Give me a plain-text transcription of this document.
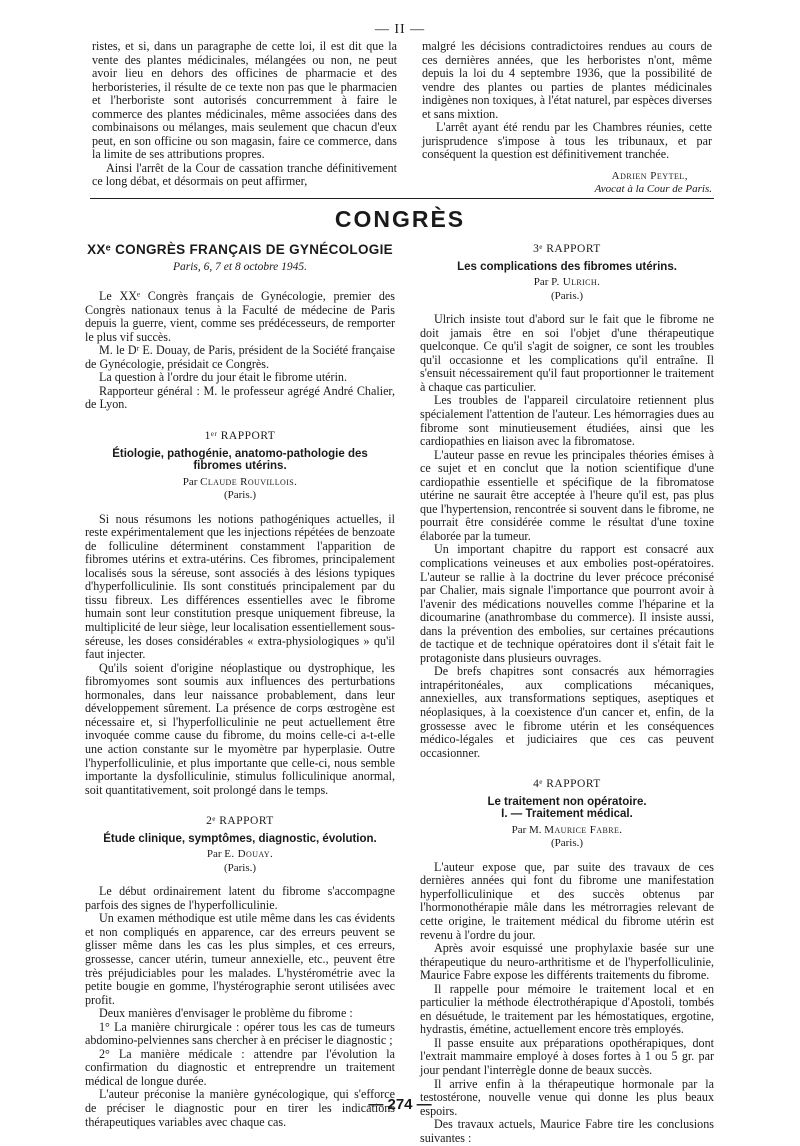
— II —

ristes, et si, dans un paragraphe de cette loi, il est dit que la vente des plantes médicinales, mélangées ou non, ne peut avoir lieu en dehors des officines de pharmacie et des herboristeries, il résulte de ce texte non pas que le pharmacien et l'herboriste sont autorisés concurremment à faire le commerce des plantes médicinales, même associées dans des combinaisons ou mélanges, mais seulement que chacun d'eux peut, en son officine ou son magasin, faire ce commerce, dans la limite de ses attributions propres.

Ainsi l'arrêt de la Cour de cassation tranche définitivement ce long débat, et désormais on peut affirmer,

malgré les décisions contradictoires rendues au cours de ces dernières années, que les herboristes n'ont, même depuis la loi du 4 septembre 1936, que la possibilité de vendre des plantes ou parties de plantes médicinales indigènes non toxiques, à l'état naturel, par espèces diverses et sans mixtion.

L'arrêt ayant été rendu par les Chambres réunies, cette jurisprudence s'impose à tous les tribunaux, et par conséquent la question est définitivement tranchée.

Adrien Peytel,
Avocat à la Cour de Paris.
CONGRÈS
XXᵉ CONGRÈS FRANÇAIS DE GYNÉCOLOGIE
Paris, 6, 7 et 8 octobre 1945.

Le XXᵉ Congrès français de Gynécologie, premier des Congrès nationaux tenus à la Faculté de médecine de Paris depuis la guerre, vient, comme ses prédécesseurs, de remporter le plus vif succès.

M. le Dʳ E. Douay, de Paris, président de la Société française de Gynécologie, présidait ce Congrès.

La question à l'ordre du jour était le fibrome utérin.

Rapporteur général : M. le professeur agrégé André Chalier, de Lyon.

1ᵉʳ RAPPORT
Étiologie, pathogénie, anatomo-pathologie des fibromes utérins.
Par Claude Rouvillois.
(Paris.)

Si nous résumons les notions pathogéniques actuelles, il reste expérimentalement que les injections répétées de benzoate de folliculine déterminent constamment l'apparition de fibromes utérins et extra-utérins. Ces fibromes, principalement localisés sous la séreuse, sont associés à des lésions typiques d'hyperfolliculinie. Ils sont constitués principalement par du tissu fibreux. Les différences essentielles avec le fibrome humain sont leur constitution presque uniquement fibreuse, la multiplicité de leur siège, leur localisation essentiellement sous-séreuse, les doses considérables « extra-physiologiques » qu'il faut injecter.

Qu'ils soient d'origine néoplastique ou dystrophique, les fibromyomes sont soumis aux influences des perturbations hormonales, dans leur naissance probablement, dans leur développement sûrement. La présence de corps œstrogène est nécessaire et, si l'hyperfolliculinie ne peut actuellement être invoquée comme cause du fibrome, du moins celle-ci a-t-elle une action constante sur le myomètre par hyperplasie. Outre l'hyperfolliculinie, et plus importante que celle-ci, nous semble importante la dysfolliculinie, stimulus folliculinique anormal, soit quantitativement, soit prolongé dans le temps.

2ᵉ RAPPORT
Étude clinique, symptômes, diagnostic, évolution.
Par E. Douay.
(Paris.)

Le début ordinairement latent du fibrome s'accompagne parfois des signes de l'hyperfolliculinie.

Un examen méthodique est utile même dans les cas évidents et non compliqués en apparence, car des erreurs peuvent se glisser même dans les cas les plus simples, et ces erreurs, grossesse, cancer utérin, tumeur annexielle, etc., peuvent être très préjudiciables pour les malades. L'hystérométrie avec la petite bougie en gomme, l'hystérographie seront utilisées avec profit.

Deux manières d'envisager le problème du fibrome :

1° La manière chirurgicale : opérer tous les cas de tumeurs abdomino-pelviennes sans chercher à en préciser le diagnostic ;

2° La manière médicale : attendre par l'évolution la confirmation du diagnostic et entreprendre un traitement médical de longue durée.

L'auteur préconise la manière gynécologique, qui s'efforce de préciser le diagnostic pour en tirer les indications thérapeutiques variables avec chaque cas.

3ᵉ RAPPORT
Les complications des fibromes utérins.
Par P. Ulrich.
(Paris.)

Ulrich insiste tout d'abord sur le fait que le fibrome ne doit jamais être en soi l'objet d'une thérapeutique quelconque. Ce qu'il s'agit de soigner, ce sont les troubles qu'il occasionne et les complications qu'il entraîne. Il s'ensuit nécessairement qu'il faut proportionner le traitement à chaque cas particulier.

Les troubles de l'appareil circulatoire retiennent plus spécialement l'attention de l'auteur. Les hémorragies dues au fibrome sont minutieusement étudiées, ainsi que les cardiopathies en liaison avec la fibromatose.

L'auteur passe en revue les principales théories émises à ce sujet et en conclut que la notion scientifique d'une cardiopathie essentielle et spécifique de la fibromatose utérine ne saurait être acceptée à l'heure qu'il est, pas plus que l'hypertension, rencontrée si souvent dans le fibrome, ne pourrait être considérée comme le résultat d'une toxine élaborée par la tumeur.

Un important chapitre du rapport est consacré aux complications veineuses et aux embolies post-opératoires. L'auteur se rallie à la doctrine du lever précoce préconisé par Chalier, mais signale l'importance que pourront avoir à l'avenir des médications nouvelles comme l'héparine et la dicoumarine (anathrombase du commerce). Il insiste aussi, dans la prévention des embolies, sur certaines précautions de tactique et de technique opératoires dont il s'était fait le protagoniste dans plusieurs ouvrages.

De brefs chapitres sont consacrés aux hémorragies intrapéritonéales, aux complications mécaniques, annexielles, aux transformations septiques, aseptiques et néoplasiques, à la coexistence d'un cancer et, enfin, de la grossesse avec le fibrome utérin et les conséquences médico-légales et judiciaires que ces cas peuvent occasionner.

4ᵉ RAPPORT
Le traitement non opératoire.
I. — Traitement médical.
Par M. Maurice Fabre.
(Paris.)

L'auteur expose que, par suite des travaux de ces dernières années qui font du fibrome une manifestation hyperfolliculinique et des succès obtenus par l'hormonothérapie mâle dans les métrorragies relevant de cette origine, le traitement médical du fibrome utérin est revenu à l'ordre du jour.

Après avoir esquissé une prophylaxie basée sur une thérapeutique du neuro-arthritisme et de l'hyperfolliculinie, Maurice Fabre expose les différents traitements du fibrome.

Il rappelle pour mémoire le traitement local et en particulier la méthode électrothérapique d'Apostoli, tombés en désuétude, le traitement par les hémostatiques, ergotine, hydrastis, émétine, actuellement encore très employés.

Il passe ensuite aux préparations opothérapiques, dont l'extrait mammaire employé à doses fortes à 1 ou 5 gr. par jour pendant l'interrègle donne de beaux succès.

Il arrive enfin à la thérapeutique hormonale par la testostérone, nouvelle venue qui donne les plus beaux espoirs.

Des travaux actuels, Maurice Fabre tire les conclusions suivantes :

— 274 —
